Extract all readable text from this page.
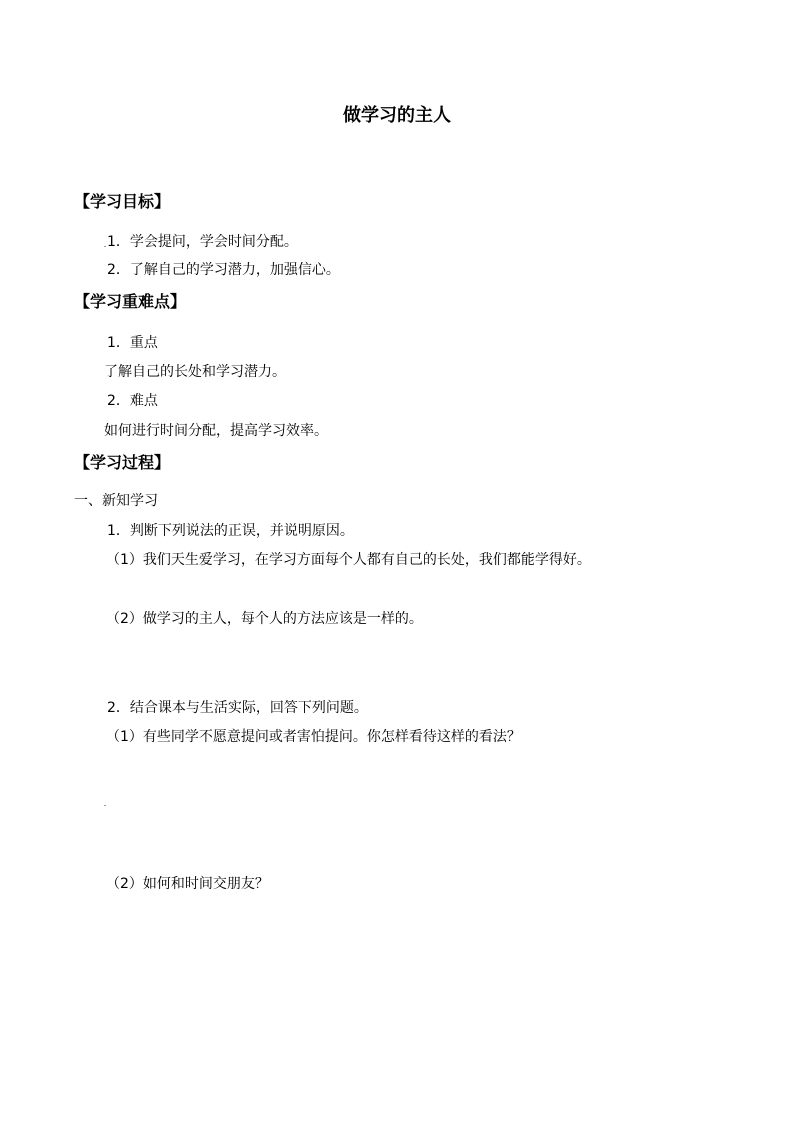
做学习的主人
【学习目标】
1．学会提问，学会时间分配。
2．了解自己的学习潜力，加强信心。
【学习重难点】
1．重点
了解自己的长处和学习潜力。
2．难点
如何进行时间分配，提高学习效率。
【学习过程】
一、新知学习
1．判断下列说法的正误，并说明原因。
（1）我们天生爱学习，在学习方面每个人都有自己的长处，我们都能学得好。
（2）做学习的主人，每个人的方法应该是一样的。
2．结合课本与生活实际，回答下列问题。
（1）有些同学不愿意提问或者害怕提问。你怎样看待这样的看法？
（2）如何和时间交朋友？
